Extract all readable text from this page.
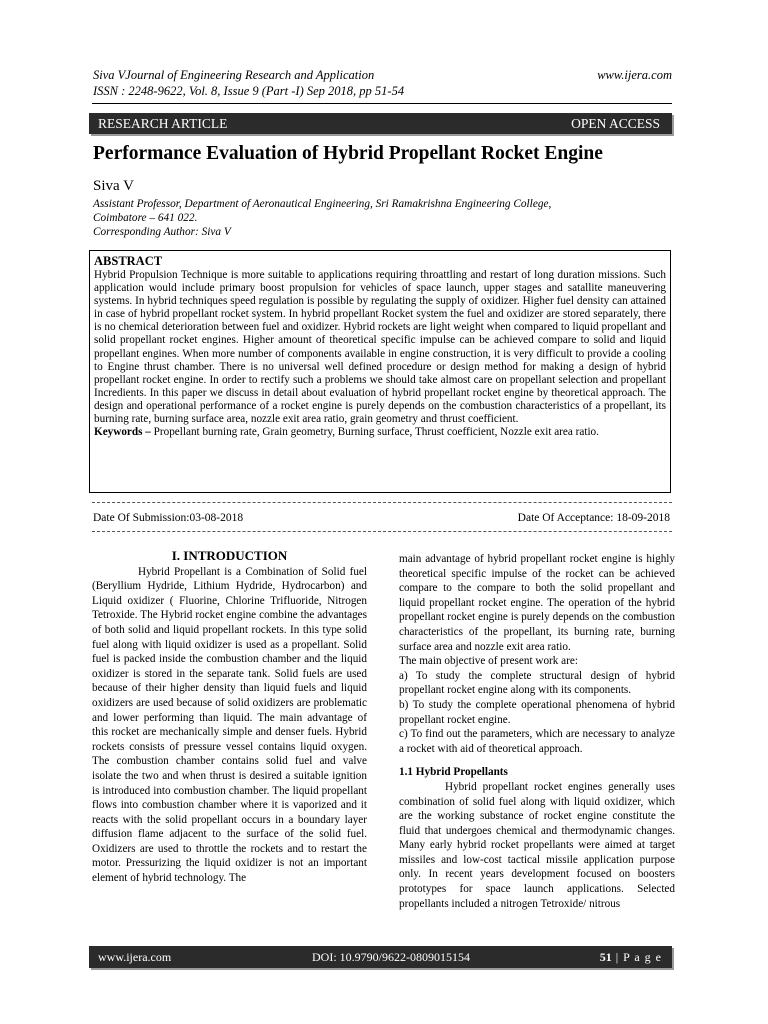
Siva VJournal of Engineering Research and Application
ISSN : 2248-9622, Vol. 8, Issue 9 (Part -I) Sep 2018, pp 51-54
www.ijera.com
RESEARCH ARTICLE	OPEN ACCESS
Performance Evaluation of Hybrid Propellant Rocket Engine
Siva V
Assistant Professor, Department of Aeronautical Engineering, Sri Ramakrishna Engineering College,
Coimbatore – 641 022.
Corresponding Author: Siva V
ABSTRACT
Hybrid Propulsion Technique is more suitable to applications requiring throattling and restart of long duration missions. Such application would include primary boost propulsion for vehicles of space launch, upper stages and satallite maneuvering systems. In hybrid techniques speed regulation is possible by regulating the supply of oxidizer. Higher fuel density can attained in case of hybrid propellant rocket system. In hybrid propellant Rocket system the fuel and oxidizer are stored separately, there is no chemical deterioration between fuel and oxidizer. Hybrid rockets are light weight when compared to liquid propellant and solid propellant rocket engines. Higher amount of theoretical specific impulse can be achieved compare to solid and liquid propellant engines. When more number of components available in engine construction, it is very difficult to provide a cooling to Engine thrust chamber. There is no universal well defined procedure or design method for making a design of hybrid propellant rocket engine. In order to rectify such a problems we should take almost care on propellant selection and propellant Incredients. In this paper we discuss in detail about evaluation of hybrid propellant rocket engine by theoretical approach. The design and operational performance of a rocket engine is purely depends on the combustion characteristics of a propellant, its burning rate, burning surface area, nozzle exit area ratio, grain geometry and thrust coefficient.
Keywords – Propellant burning rate, Grain geometry, Burning surface, Thrust coefficient, Nozzle exit area ratio.
Date Of Submission:03-08-2018	Date Of Acceptance: 18-09-2018
I. INTRODUCTION

Hybrid Propellant is a Combination of Solid fuel (Beryllium Hydride, Lithium Hydride, Hydrocarbon) and Liquid oxidizer ( Fluorine, Chlorine Trifluoride, Nitrogen Tetroxide. The Hybrid rocket engine combine the advantages of both solid and liquid propellant rockets. In this type solid fuel along with liquid oxidizer is used as a propellant. Solid fuel is packed inside the combustion chamber and the liquid oxidizer is stored in the separate tank. Solid fuels are used because of their higher density than liquid fuels and liquid oxidizers are used because of solid oxidizers are problematic and lower performing than liquid. The main advantage of this rocket are mechanically simple and denser fuels. Hybrid rockets consists of pressure vessel contains liquid oxygen. The combustion chamber contains solid fuel and valve isolate the two and when thrust is desired a suitable ignition is introduced into combustion chamber. The liquid propellant flows into combustion chamber where it is vaporized and it reacts with the solid propellant occurs in a boundary layer diffusion flame adjacent to the surface of the solid fuel. Oxidizers are used to throttle the rockets and to restart the motor. Pressurizing the liquid oxidizer is not an important element of hybrid technology. The

main advantage of hybrid propellant rocket engine is highly theoretical specific impulse of the rocket can be achieved compare to the compare to both the solid propellant and liquid propellant rocket engine. The operation of the hybrid propellant rocket engine is purely depends on the combustion characteristics of the propellant, its burning rate, burning surface area and nozzle exit area ratio.

The main objective of present work are:

a) To study the complete structural design of hybrid propellant rocket engine along with its components.

b) To study the complete operational phenomena of hybrid propellant rocket engine.

c) To find out the parameters, which are necessary to analyze a rocket with aid of theoretical approach.

1.1 Hybrid Propellants

Hybrid propellant rocket engines generally uses combination of solid fuel along with liquid oxidizer, which are the working substance of rocket engine constitute the fluid that undergoes chemical and thermodynamic changes. Many early hybrid rocket propellants were aimed at target missiles and low-cost tactical missile application purpose only. In recent years development focused on boosters prototypes for space launch applications. Selected propellants included a nitrogen Tetroxide/ nitrous

www.ijera.com	DOI: 10.9790/9622-0809015154	51 | P a g e
